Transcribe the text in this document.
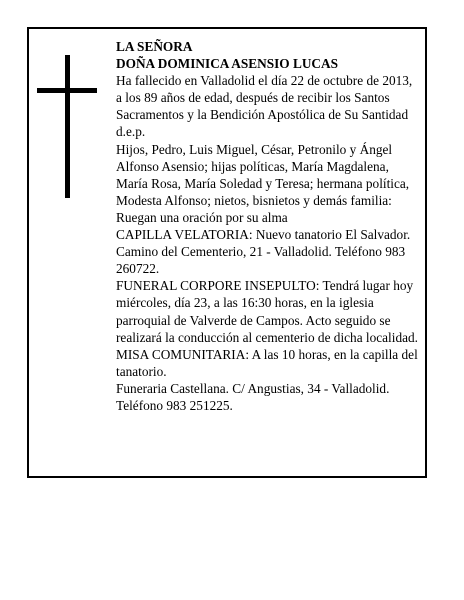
LA SEÑORA

DOÑA DOMINICA ASENSIO LUCAS

Ha fallecido en Valladolid el día 22 de octubre de 2013, a los 89 años de edad, después de recibir los Santos Sacramentos y la Bendición Apostólica de Su Santidad d.e.p.

Hijos, Pedro, Luis Miguel, César, Petronilo y Ángel Alfonso Asensio; hijas políticas, María Magdalena, María Rosa, María Soledad y Teresa; hermana política, Modesta Alfonso; nietos, bisnietos y demás familia:

Ruegan una oración por su alma

CAPILLA VELATORIA: Nuevo tanatorio El Salvador. Camino del Cementerio, 21 - Valladolid. Teléfono 983 260722.

FUNERAL CORPORE INSEPULTO: Tendrá lugar hoy miércoles, día 23, a las 16:30 horas, en la iglesia parroquial de Valverde de Campos. Acto seguido se realizará la conducción al cementerio de dicha localidad.

MISA COMUNITARIA: A las 10 horas, en la capilla del tanatorio.

Funeraria Castellana. C/ Angustias, 34 - Valladolid. Teléfono 983 251225.
